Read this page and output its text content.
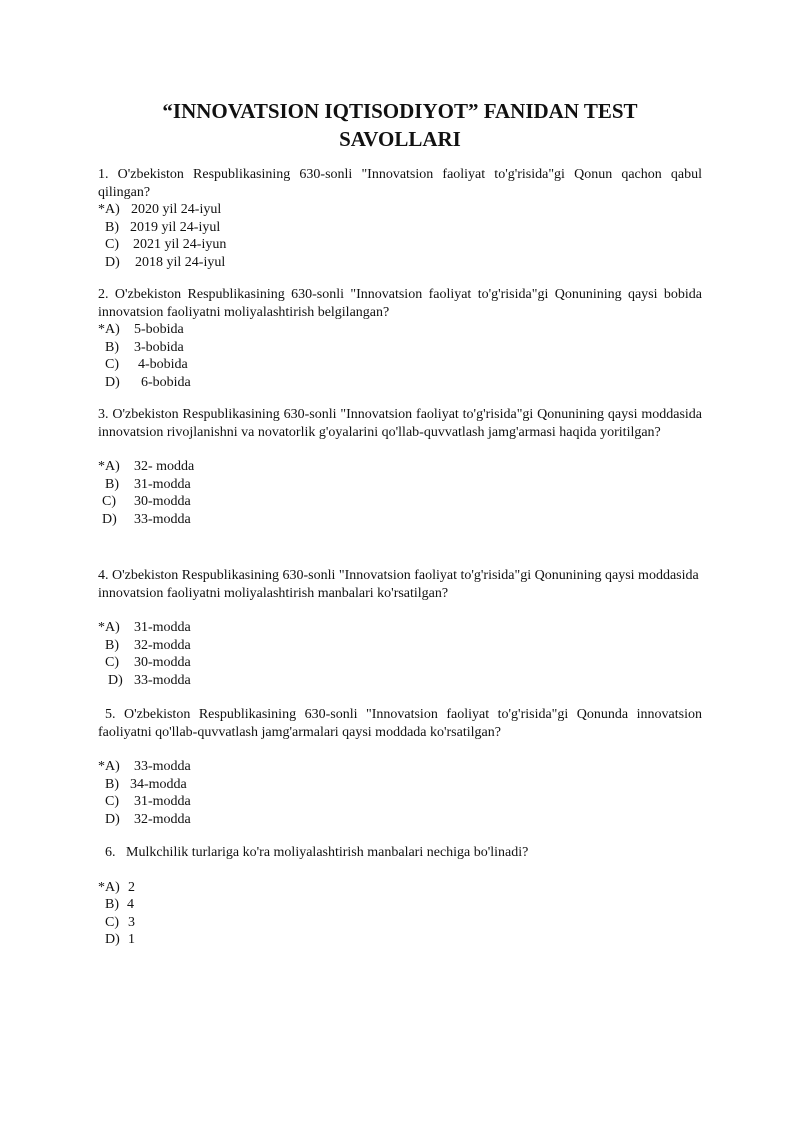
“INNOVATSION IQTISODIYOT” FANIDAN TEST
SAVOLLARI

1. O'zbekiston Respublikasining 630-sonli "Innovatsion faoliyat to'g'risida"gi Qonun qachon qabul qilingan?

*A)

2020 yil 24-iyul

B)

2019 yil 24-iyul

C)

2021 yil 24-iyun

D)

2018 yil 24-iyul

2. O'zbekiston Respublikasining 630-sonli "Innovatsion faoliyat to'g'risida"gi Qonunining qaysi bobida innovatsion faoliyatni moliyalashtirish belgilangan?

*A)

5-bobida

B)

3-bobida

C)

4-bobida

D)

6-bobida

3. O'zbekiston Respublikasining 630-sonli "Innovatsion faoliyat to'g'risida"gi Qonunining qaysi moddasida innovatsion rivojlanishni va novatorlik g'oyalarini qo'llab-quvvatlash jamg'armasi haqida yoritilgan?

*A)

32- modda

B)

31-modda

C)

30-modda

D)

33-modda

4. O'zbekiston Respublikasining 630-sonli "Innovatsion faoliyat to'g'risida"gi Qonunining qaysi moddasida innovatsion faoliyatni moliyalashtirish manbalari ko'rsatilgan?

*A)

31-modda

B)

32-modda

C)

30-modda

D)

33-modda

5. O'zbekiston Respublikasining 630-sonli "Innovatsion faoliyat to'g'risida"gi Qonunda innovatsion faoliyatni qo'llab-quvvatlash jamg'armalari qaysi moddada ko'rsatilgan?

*A)

33-modda

B)

34-modda

C)

31-modda

D)

32-modda

6.   Mulkchilik turlariga ko'ra moliyalashtirish manbalari nechiga bo'linadi?

*A)

2

B)

4

C)

3

D)

1
